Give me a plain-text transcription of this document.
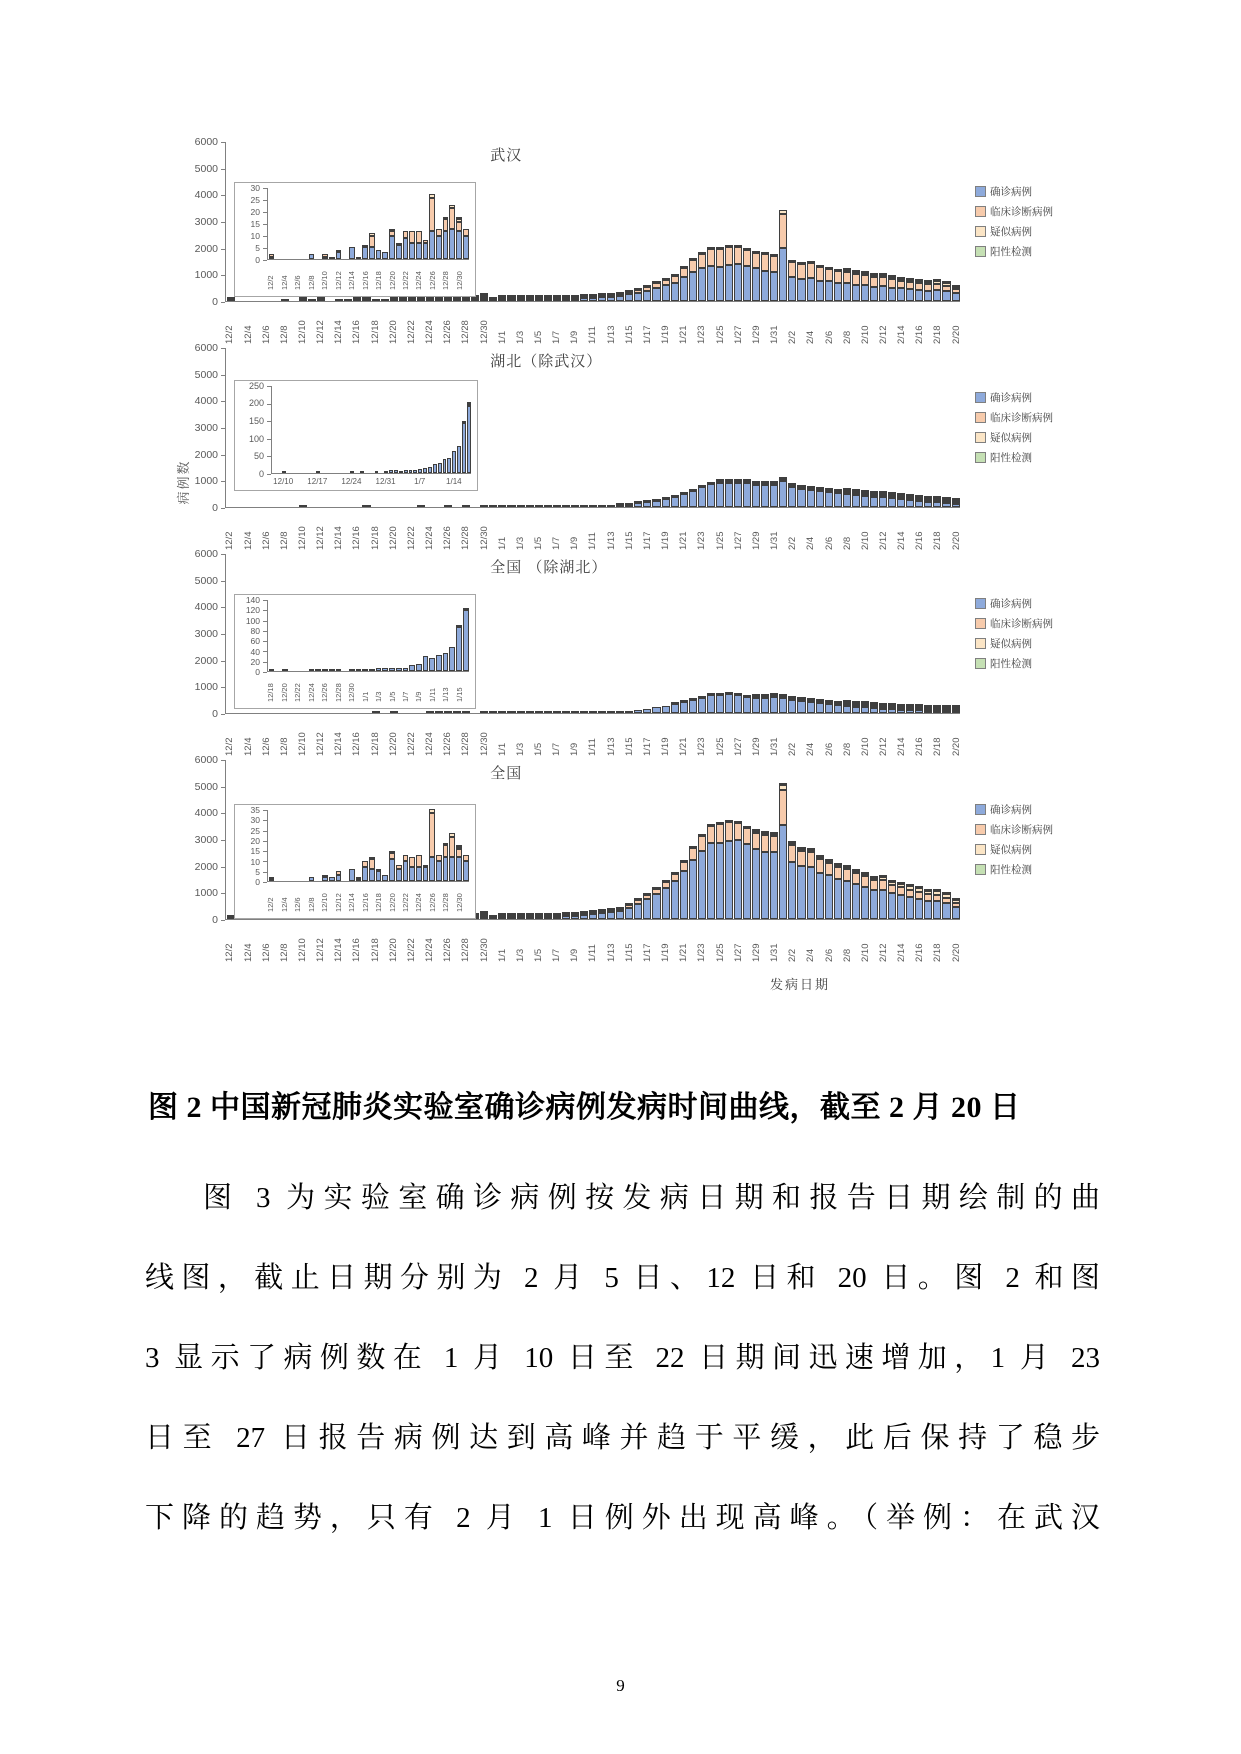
0
1000
2000
3000
4000
5000
6000
武汉
0
5
10
15
20
25
30
12/2 12/4 12/6 12/8 12/10 12/12 12/14 12/16 12/18 12/20 12/22 12/24 12/26 12/28 12/30
12/2 12/4 12/6 12/8 12/10 12/12 12/14 12/16 12/18 12/20 12/22 12/24 12/26 12/28 12/30 1/1 1/3 1/5 1/7 1/9 1/11 1/13 1/15 1/17 1/19 1/21 1/23 1/25 1/27 1/29 1/31 2/2 2/4 2/6 2/8 2/10 2/12 2/14 2/16 2/18 2/20
确诊病例
临床诊断病例
疑似病例
阳性检测
0
1000
2000
3000
4000
5000
6000
湖北（除武汉）
0
50
100
150
200
250
12/10 12/17 12/24 12/31 1/7	1/14
12/2 12/4 12/6 12/8 12/10 12/12 12/14 12/16 12/18 12/20 12/22 12/24 12/26 12/28 12/30 1/1 1/3 1/5 1/7 1/9 1/11 1/13 1/15 1/17 1/19 1/21 1/23 1/25 1/27 1/29 1/31 2/2 2/4 2/6 2/8 2/10 2/12 2/14 2/16 2/18 2/20
确诊病例
临床诊断病例
疑似病例
阳性检测
0
1000
2000
3000
4000
5000
6000
全国 （除湖北）
0
20
40
60
80
100
120
140
12/18 12/20 12/22 12/24 12/26 12/28 12/30 1/1 1/3 1/5 1/7 1/9 1/11 1/13 1/15
12/2 12/4 12/6 12/8 12/10 12/12 12/14 12/16 12/18 12/20 12/22 12/24 12/26 12/28 12/30 1/1 1/3 1/5 1/7 1/9 1/11 1/13 1/15 1/17 1/19 1/21 1/23 1/25 1/27 1/29 1/31 2/2 2/4 2/6 2/8 2/10 2/12 2/14 2/16 2/18 2/20
确诊病例
临床诊断病例
疑似病例
阳性检测
0
1000
2000
3000
4000
5000
6000
全国
0
5
10
15
20
25
30
35
12/2 12/4 12/6 12/8 12/10 12/12 12/14 12/16 12/18 12/20 12/22 12/24 12/26 12/28 12/30
12/2 12/4 12/6 12/8 12/10 12/12 12/14 12/16 12/18 12/20 12/22 12/24 12/26 12/28 12/30 1/1 1/3 1/5 1/7 1/9 1/11 1/13 1/15 1/17 1/19 1/21 1/23 1/25 1/27 1/29 1/31 2/2 2/4 2/6 2/8 2/10 2/12 2/14 2/16 2/18 2/20
确诊病例
临床诊断病例
疑似病例
阳性检测
病例数
发病日期
图 2 中国新冠肺炎实验室确诊病例发病时间曲线，截至 2 月 20 日
图 3 为实验室确诊病例按发病日期和报告日期绘制的曲
线图，截止日期分别为 2 月 5 日、12 日和 20 日。图 2 和图
3 显示了病例数在 1 月 10 日至 22 日期间迅速增加，1 月 23
日至 27 日报告病例达到高峰并趋于平缓，此后保持了稳步
下降的趋势，只有 2 月 1 日例外出现高峰。（举例：在武汉
9
